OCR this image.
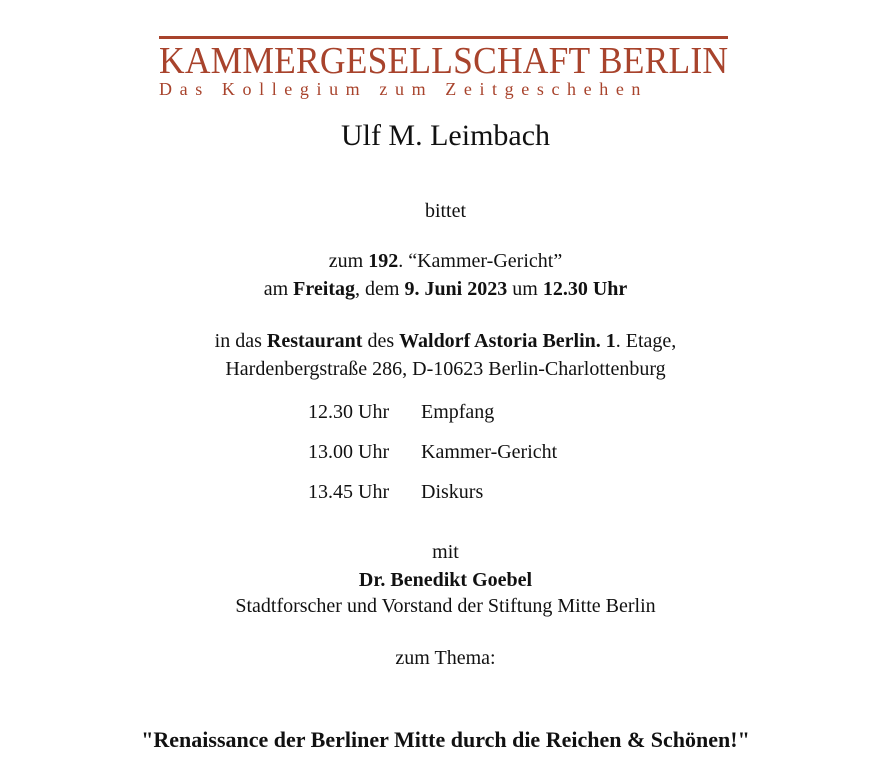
KAMMERGESELLSCHAFT BERLIN
Das Kollegium zum Zeitgeschehen
Ulf M. Leimbach
bittet
zum 192. “Kammer-Gericht”
am Freitag, dem 9. Juni 2023 um 12.30 Uhr
in das Restaurant des Waldorf Astoria Berlin. 1. Etage,
Hardenbergstraße 286, D-10623 Berlin-Charlottenburg
12.30 Uhr Empfang
13.00 Uhr Kammer-Gericht
13.45 Uhr Diskurs
mit
Dr. Benedikt Goebel
Stadtforscher und Vorstand der Stiftung Mitte Berlin
zum Thema:
"Renaissance der Berliner Mitte durch die Reichen & Schönen!"
